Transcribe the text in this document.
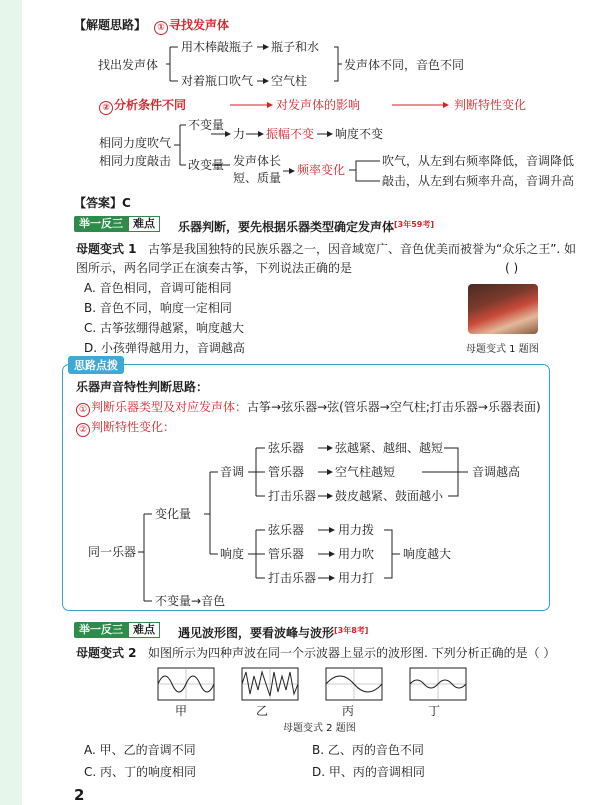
【解题思路】	① 寻找发声体
找出发声体
用木棒敲瓶子 瓶子和水
对着瓶口吹气 空气柱
发声体不同，音色不同
② 分析条件不同	对发声体的影响	判断特性变化
相同力度吹气
相同力度敲击
不变量
力 振幅不变 响度不变
改变量 发声体长
短、质量
频率变化
吹气，从左到右频率降低，音调降低
敲击，从左到右频率升高，音调升高
【答案】C
举一反三 难点	乐器判断，要先根据乐器类型确定发声体[3年59考]
母题变式 1 古筝是我国独特的民族乐器之一，因音域宽广、音色优美而被誉为“众乐之王”. 如
图所示，两名同学正在演奏古筝，下列说法正确的是	( )
A. 音色相同，音调可能相同
B. 音色不同，响度一定相同
C. 古筝弦绷得越紧，响度越大
D. 小孩弹得越用力，音调越高	母题变式 1 题图
思路点拨
乐器声音特性判断思路：
① 判断乐器类型及对应发声体：古筝→弦乐器→弦(管乐器→空气柱;打击乐器→乐器表面)
② 判断特性变化：
同一乐器
变化量
不变量→音色
音调
响度
弦乐器
管乐器
打击乐器
弦越紧、越细、越短
空气柱越短
鼓皮越紧、鼓面越小
音调越高
弦乐器
管乐器
打击乐器
用力拨
用力吹
用力打
响度越大
举一反三 难点	遇见波形图，要看波峰与波形[3年8考]
母题变式 2 如图所示为四种声波在同一个示波器上显示的波形图. 下列分析正确的是（ ）
甲	乙	丙	丁
母题变式 2 题图
A. 甲、乙的音调不同	B. 乙、丙的音色不同
C. 丙、丁的响度相同	D. 甲、丙的音调相同
2
